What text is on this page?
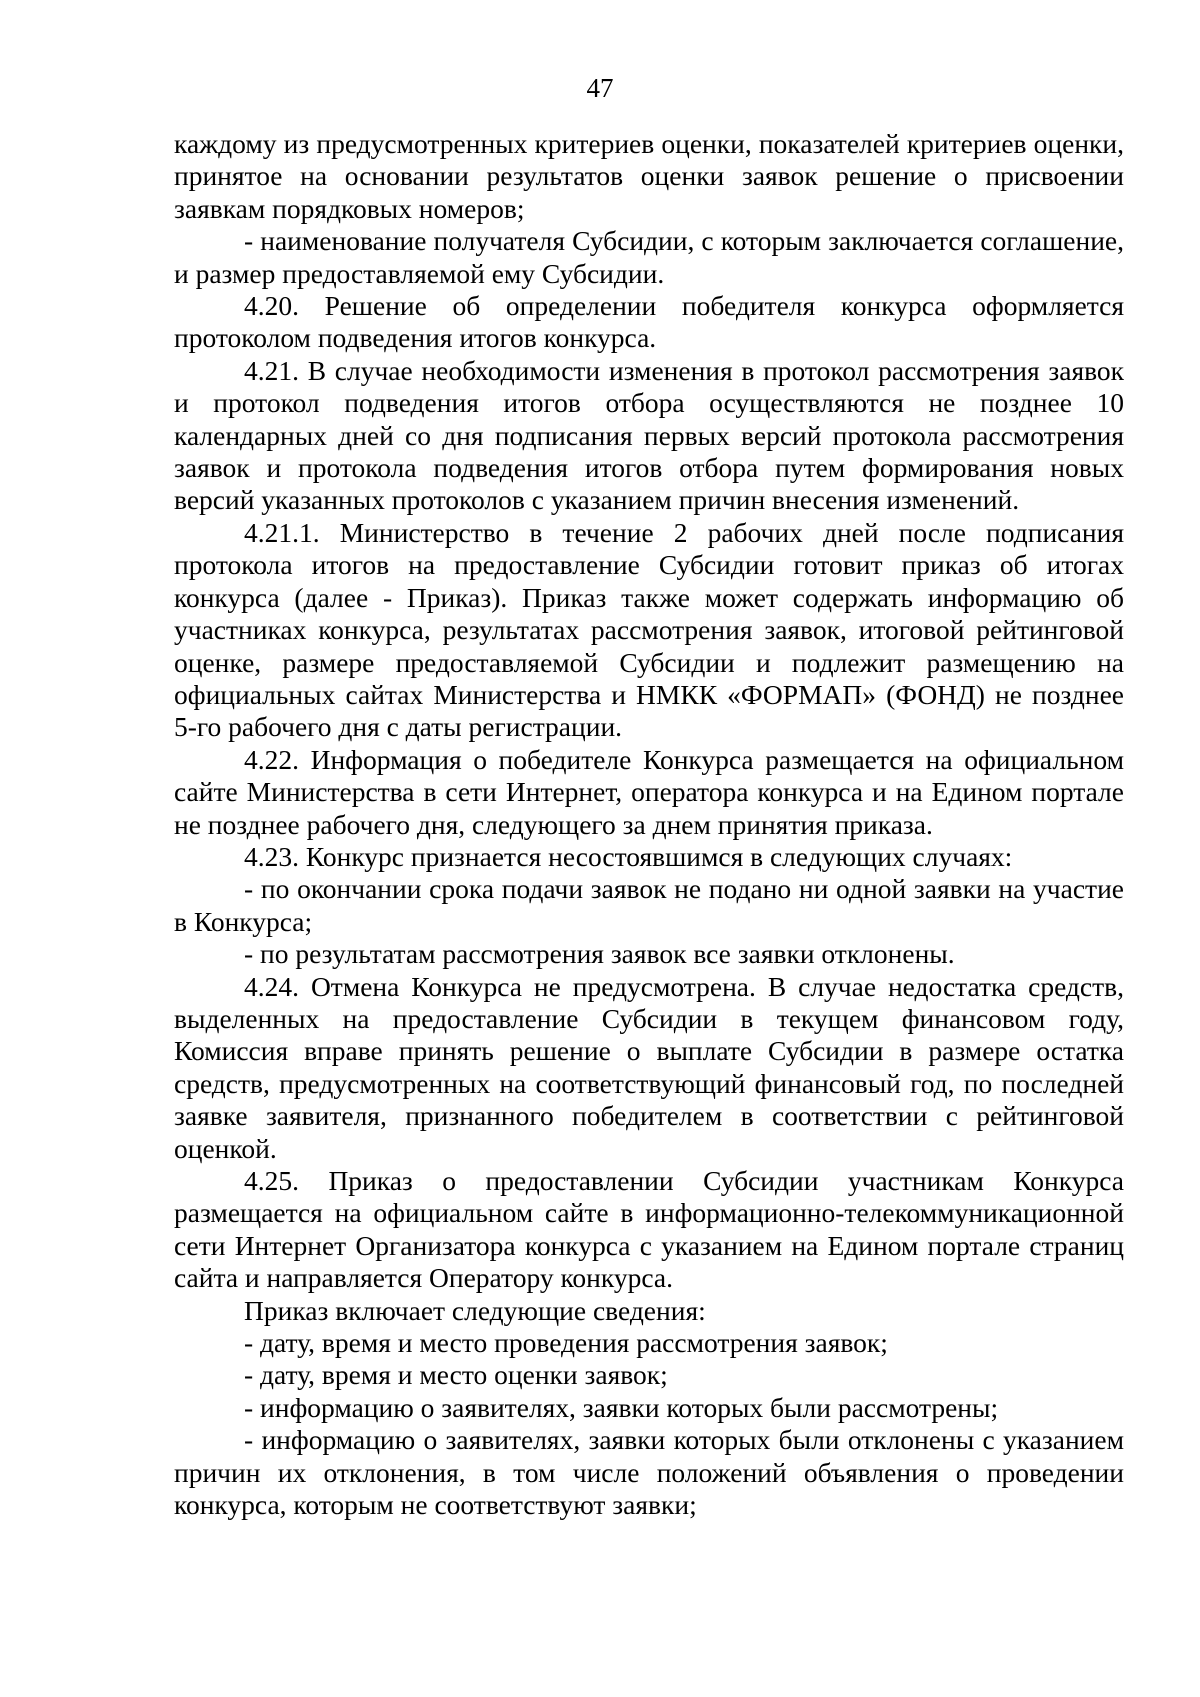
47

каждому из предусмотренных критериев оценки, показателей критериев оценки, принятое на основании результатов оценки заявок решение о присвоении заявкам порядковых номеров;

- наименование получателя Субсидии, с которым заключается соглашение, и размер предоставляемой ему Субсидии.

4.20. Решение об определении победителя конкурса оформляется протоколом подведения итогов конкурса.

4.21. В случае необходимости изменения в протокол рассмотрения заявок и протокол подведения итогов отбора осуществляются не позднее 10 календарных дней со дня подписания первых версий протокола рассмотрения заявок и протокола подведения итогов отбора путем формирования новых версий указанных протоколов с указанием причин внесения изменений.

4.21.1. Министерство в течение 2 рабочих дней после подписания протокола итогов на предоставление Субсидии готовит приказ об итогах конкурса (далее - Приказ). Приказ также может содержать информацию об участниках конкурса, результатах рассмотрения заявок, итоговой рейтинговой оценке, размере предоставляемой Субсидии и подлежит размещению на официальных сайтах Министерства и НМКК «ФОРМАП» (ФОНД) не позднее 5-го рабочего дня с даты регистрации.

4.22. Информация о победителе Конкурса размещается на официальном сайте Министерства в сети Интернет, оператора конкурса и на Едином портале не позднее рабочего дня, следующего за днем принятия приказа.

4.23. Конкурс признается несостоявшимся в следующих случаях:

- по окончании срока подачи заявок не подано ни одной заявки на участие в Конкурса;

- по результатам рассмотрения заявок все заявки отклонены.

4.24. Отмена Конкурса не предусмотрена. В случае недостатка средств, выделенных на предоставление Субсидии в текущем финансовом году, Комиссия вправе принять решение о выплате Субсидии в размере остатка средств, предусмотренных на соответствующий финансовый год, по последней заявке заявителя, признанного победителем в соответствии с рейтинговой оценкой.

4.25. Приказ о предоставлении Субсидии участникам Конкурса размещается на официальном сайте в информационно-телекоммуникационной сети Интернет Организатора конкурса с указанием на Едином портале страниц сайта и направляется Оператору конкурса.

Приказ включает следующие сведения:

- дату, время и место проведения рассмотрения заявок;

- дату, время и место оценки заявок;

- информацию о заявителях, заявки которых были рассмотрены;

- информацию о заявителях, заявки которых были отклонены с указанием причин их отклонения, в том числе положений объявления о проведении конкурса, которым не соответствуют заявки;
